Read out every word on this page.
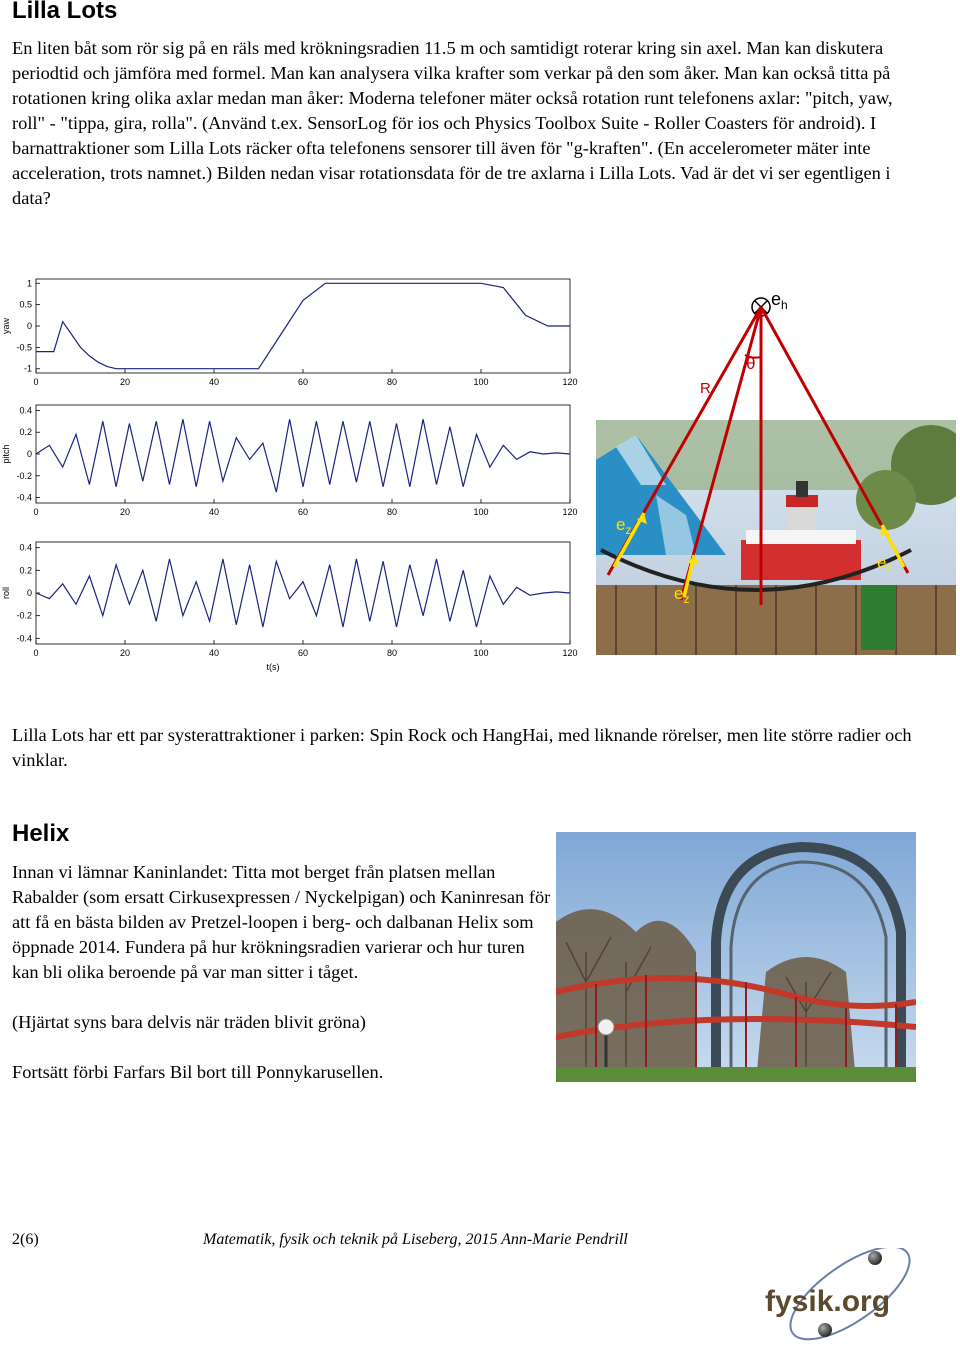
Lilla Lots

En liten båt som rör sig på en räls med krökningsradien 11.5 m och samtidigt roterar kring sin axel. Man kan diskutera periodtid och jämföra med formel. Man kan analysera vilka krafter som verkar på den som åker. Man kan också titta på rotationen kring olika axlar medan man åker: Moderna telefoner mäter också rotation runt telefonens axlar: "pitch, yaw, roll" - "tippa, gira, rolla". (Använd t.ex. SensorLog för ios och Physics Toolbox Suite - Roller Coasters för android). I barnattraktioner som Lilla Lots räcker ofta telefonens sensorer till även för "g-kraften". (En accelerometer mäter inte acceleration, trots namnet.) Bilden nedan visar rotationsdata för de tre axlarna i Lilla Lots. Vad är det vi ser egentligen i data?

0	20	40	60	80	100	120
1
0.5
0
-0.5
-1
yaw
0	20	40	60	80	100	120
0.4
0.2
0
-0.2
-0.4
pitch
0	20	40	60	80	100	120
0.4
0.2
0
-0.2
-0.4
roll
t(s)
$e_h$
θ
R
$e_z$
$e_z$
$e_z$

Lilla Lots har ett par systerattraktioner i parken: Spin Rock och HangHai, med liknande rörelser, men lite större radier och vinklar.

Helix

Innan vi lämnar Kaninlandet: Titta mot berget från platsen mellan Rabalder (som ersatt Cirkusexpressen / Nyckelpigan) och Kaninresan för att få en bästa bilden av Pretzel-loopen i berg- och dalbanan Helix som öppnade 2014. Fundera på hur krökningsradien varierar och hur turen kan bli olika beroende på var man sitter i tåget.

(Hjärtat syns bara delvis när träden blivit gröna)

Fortsätt förbi Farfars Bil bort till Ponnykarusellen.

2(6)	Matematik, fysik och teknik på Liseberg, 2015 Ann-Marie Pendrill
fysik.org
